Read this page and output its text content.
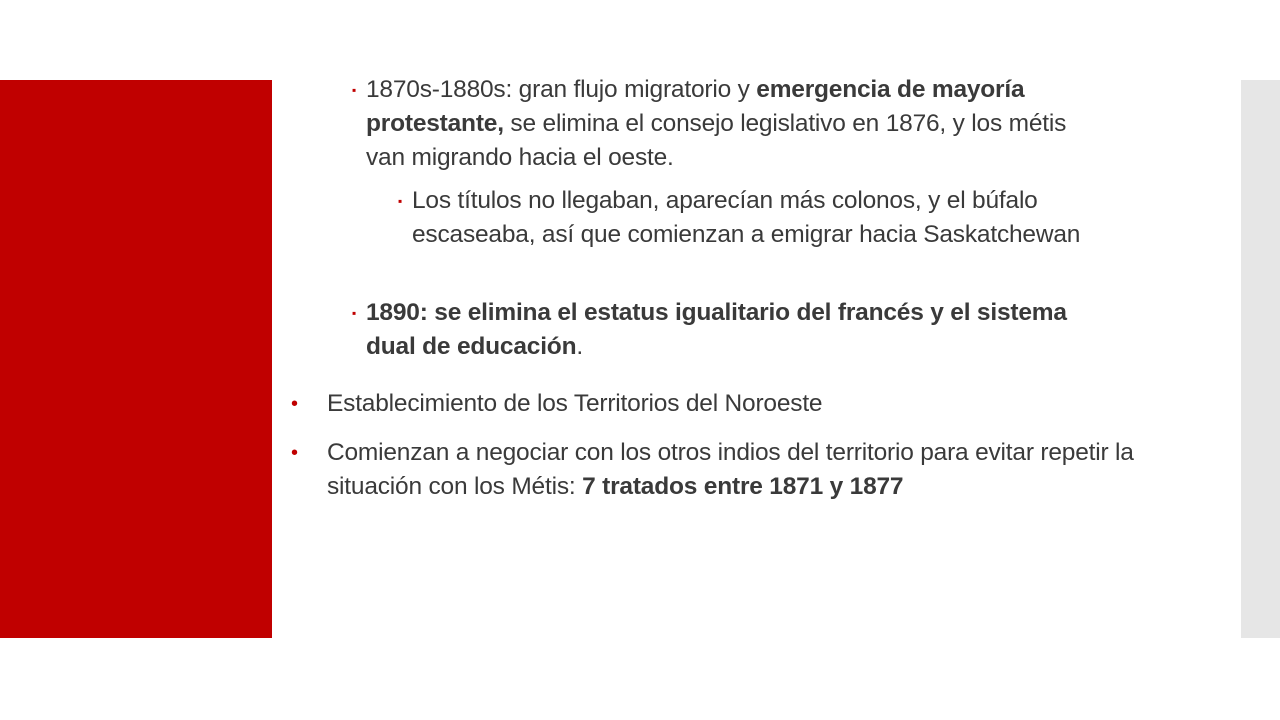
▪ 1870s-1880s: gran flujo migratorio y emergencia de mayoría protestante, se elimina el consejo legislativo en 1876, y los métis van migrando hacia el oeste.
▪ Los títulos no llegaban, aparecían más colonos, y el búfalo escaseaba, así que comienzan a emigrar hacia Saskatchewan
▪ 1890: se elimina el estatus igualitario del francés y el sistema dual de educación.
• Establecimiento de los Territorios del Noroeste
• Comienzan a negociar con los otros indios del territorio para evitar repetir la situación con los Métis: 7 tratados entre 1871 y 1877
